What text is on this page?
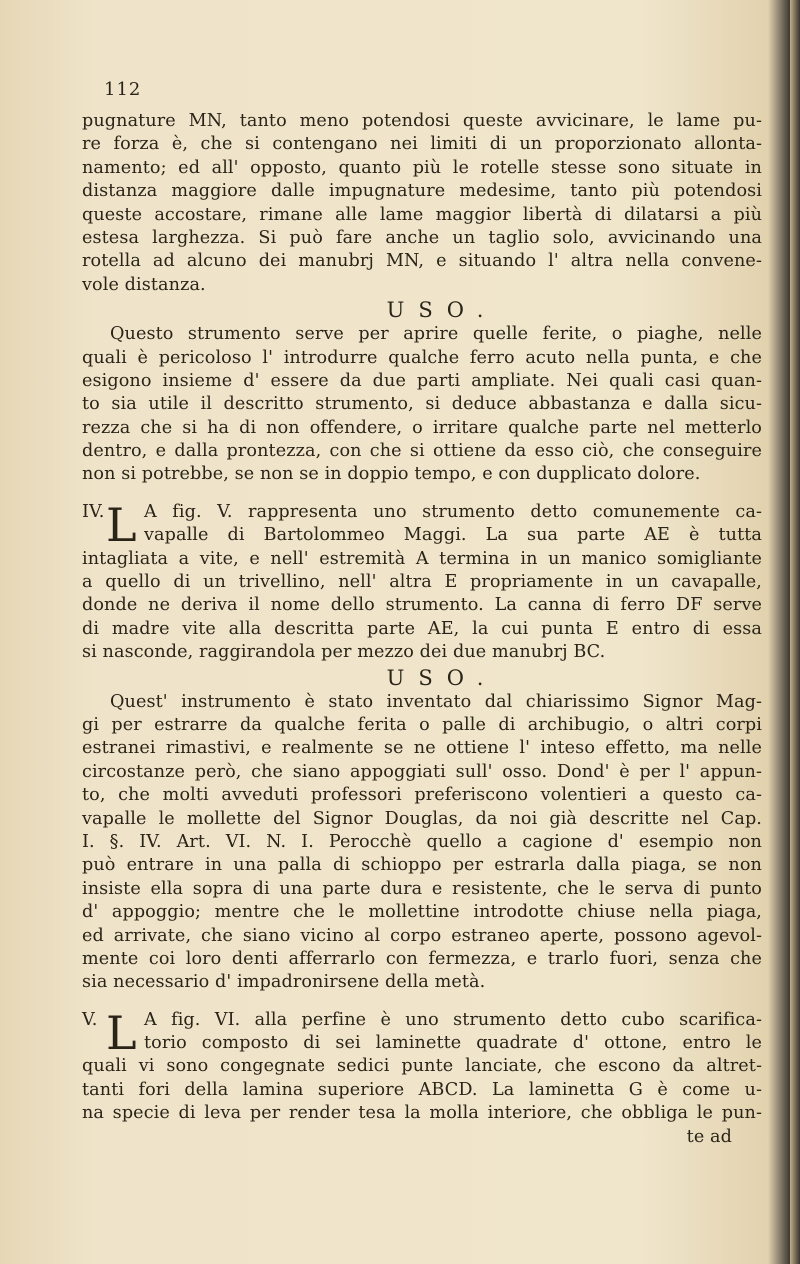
112
pugnature MN, tanto meno potendosi queste avvicinare, le lame pu-
re forza è, che si contengano nei limiti di un proporzionato allonta-
namento; ed all' opposto, quanto più le rotelle stesse sono situate in
distanza maggiore dalle impugnature medesime, tanto più potendosi
queste accostare, rimane alle lame maggior libertà di dilatarsi a più
estesa larghezza. Si può fare anche un taglio solo, avvicinando una
rotella ad alcuno dei manubrj MN, e situando l' altra nella convene-
vole distanza.
USO.
Questo strumento serve per aprire quelle ferite, o piaghe, nelle
quali è pericoloso l' introdurre qualche ferro acuto nella punta, e che
esigono insieme d' essere da due parti ampliate. Nei quali casi quan-
to sia utile il descritto strumento, si deduce abbastanza e dalla sicu-
rezza che si ha di non offendere, o irritare qualche parte nel metterlo
dentro, e dalla prontezza, con che si ottiene da esso ciò, che conseguire
non si potrebbe, se non se in doppio tempo, e con dupplicato dolore.
IV. L A fig. V. rappresenta uno strumento detto comunemente ca-
vapalle di Bartolommeo Maggi. La sua parte AE è tutta
intagliata a vite, e nell' estremità A termina in un manico somigliante
a quello di un trivellino, nell' altra E propriamente in un cavapalle,
donde ne deriva il nome dello strumento. La canna di ferro DF serve
di madre vite alla descritta parte AE, la cui punta E entro di essa
si nasconde, raggirandola per mezzo dei due manubrj BC.
USO.
Quest' instrumento è stato inventato dal chiarissimo Signor Mag-
gi per estrarre da qualche ferita o palle di archibugio, o altri corpi
estranei rimastivi, e realmente se ne ottiene l' inteso effetto, ma nelle
circostanze però, che siano appoggiati sull' osso. Dond' è per l' appun-
to, che molti avveduti professori preferiscono volentieri a questo ca-
vapalle le mollette del Signor Douglas, da noi già descritte nel Cap.
I. §. IV. Art. VI. N. I. Perocchè quello a cagione d' esempio non
può entrare in una palla di schioppo per estrarla dalla piaga, se non
insiste ella sopra di una parte dura e resistente, che le serva di punto
d' appoggio; mentre che le mollettine introdotte chiuse nella piaga,
ed arrivate, che siano vicino al corpo estraneo aperte, possono agevol-
mente coi loro denti afferrarlo con fermezza, e trarlo fuori, senza che
sia necessario d' impadronirsene della metà.
V. L A fig. VI. alla perfine è uno strumento detto cubo scarifica-
torio composto di sei laminette quadrate d' ottone, entro le
quali vi sono congegnate sedici punte lanciate, che escono da altret-
tanti fori della lamina superiore ABCD. La laminetta G è come u-
na specie di leva per render tesa la molla interiore, che obbliga le pun-
te ad
